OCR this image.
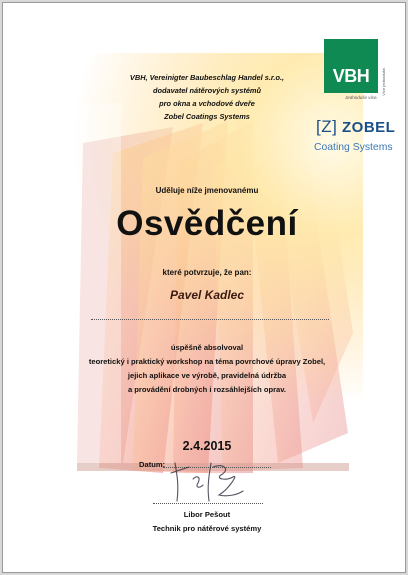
VBH, Vereinigter Baubeschlag Handel s.r.o.,
dodavatel nátěrových systémů
pro okna a vchodové dveře
Zobel Coatings Systems
VBH
Jednoduše více.
Více jednoduše.
[Z] ZOBEL
Coating Systems
Uděluje níže jmenovanému
Osvědčení
které potvrzuje, že pan:
Pavel Kadlec
úspěšně absolvoval
teoretický i praktický workshop na téma povrchové úpravy Zobel,
jejich aplikace ve výrobě, pravidelná údržba
a provádění drobných i rozsáhlejších oprav.
2.4.2015
Datum:
Libor Pešout
Technik pro nátěrové systémy
